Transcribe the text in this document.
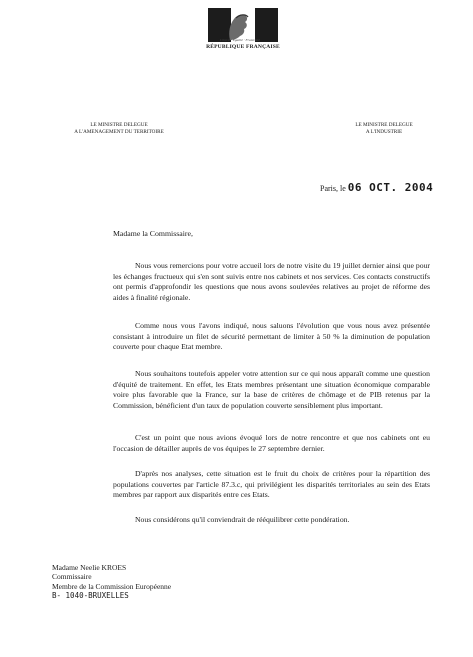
Liberté · Égalité · Fraternité
RÉPUBLIQUE FRANÇAISE
LE MINISTRE DELEGUE
A L'AMENAGEMENT DU TERRITOIRE
LE MINISTRE DELEGUE
A L'INDUSTRIE
Paris, le 06 OCT. 2004
Madame la Commissaire,
Nous vous remercions pour votre accueil lors de notre visite du 19 juillet dernier ainsi que pour les échanges fructueux qui s'en sont suivis entre nos cabinets et nos services. Ces contacts constructifs ont permis d'approfondir les questions que nous avons soulevées relatives au projet de réforme des aides à finalité régionale.
Comme nous vous l'avons indiqué, nous saluons l'évolution que vous nous avez présentée consistant à introduire un filet de sécurité permettant de limiter à 50 % la diminution de population couverte pour chaque Etat membre.
Nous souhaitons toutefois appeler votre attention sur ce qui nous apparaît comme une question d'équité de traitement. En effet, les Etats membres présentant une situation économique comparable voire plus favorable que la France, sur la base de critères de chômage et de PIB retenus par la Commission, bénéficient d'un taux de population couverte sensiblement plus important.
C'est un point que nous avions évoqué lors de notre rencontre et que nos cabinets ont eu l'occasion de détailler auprès de vos équipes le 27 septembre dernier.
D'après nos analyses, cette situation est le fruit du choix de critères pour la répartition des populations couvertes par l'article 87.3.c, qui privilégient les disparités territoriales au sein des Etats membres par rapport aux disparités entre ces Etats.
Nous considérons qu'il conviendrait de rééquilibrer cette pondération.
Madame Neelie KROES
Commissaire
Membre de la Commission Européenne
B- 1040-BRUXELLES
